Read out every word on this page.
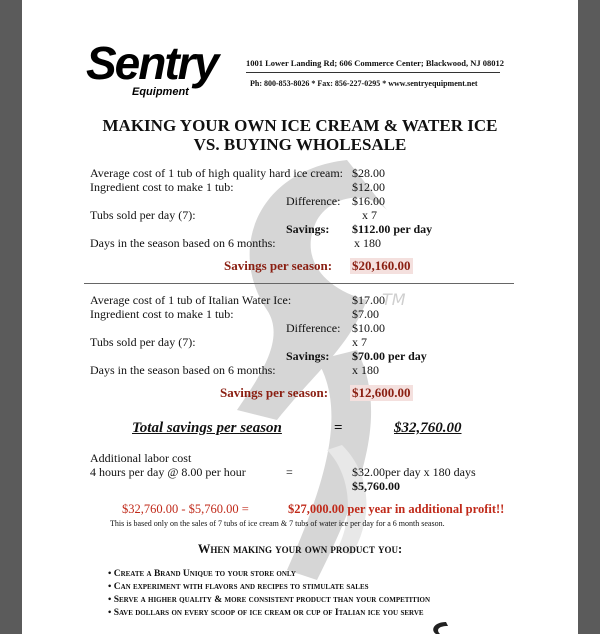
TM
Sentry
Equipment
1001 Lower Landing Rd; 606 Commerce Center; Blackwood, NJ 08012
Ph: 800-853-8026 * Fax: 856-227-0295 * www.sentryequipment.net
MAKING YOUR OWN ICE CREAM & WATER ICE
VS. BUYING WHOLESALE
Average cost of 1 tub of high quality hard ice cream: $28.00
Ingredient cost to make 1 tub:	$12.00
Difference: $16.00
Tubs sold per day (7):	x 7
Savings: $112.00 per day
Days in the season based on 6 months:	x 180
Savings per season: $20,160.00
Average cost of 1 tub of Italian Water Ice:	$17.00
Ingredient cost to make 1 tub:	$7.00
Difference: $10.00
Tubs sold per day (7):	x 7
Savings: $70.00 per day
Days in the season based on 6 months:	x 180
Savings per season: $12,600.00
Total savings per season	=	$32,760.00
Additional labor cost
4 hours per day @ 8.00 per hour	=	$32.00per day x 180 days
$5,760.00
$32,760.00 - $5,760.00 =	$27,000.00 per year in additional profit!!
This is based only on the sales of 7 tubs of ice cream & 7 tubs of water ice per day for a 6 month season.
When making your own product you:
• Create a Brand Unique to your store only
• Can experiment with flavors and recipes to stimulate sales
• Serve a higher quality & more consistent product than your competition
• Save dollars on every scoop of ice cream or cup of Italian ice you serve
